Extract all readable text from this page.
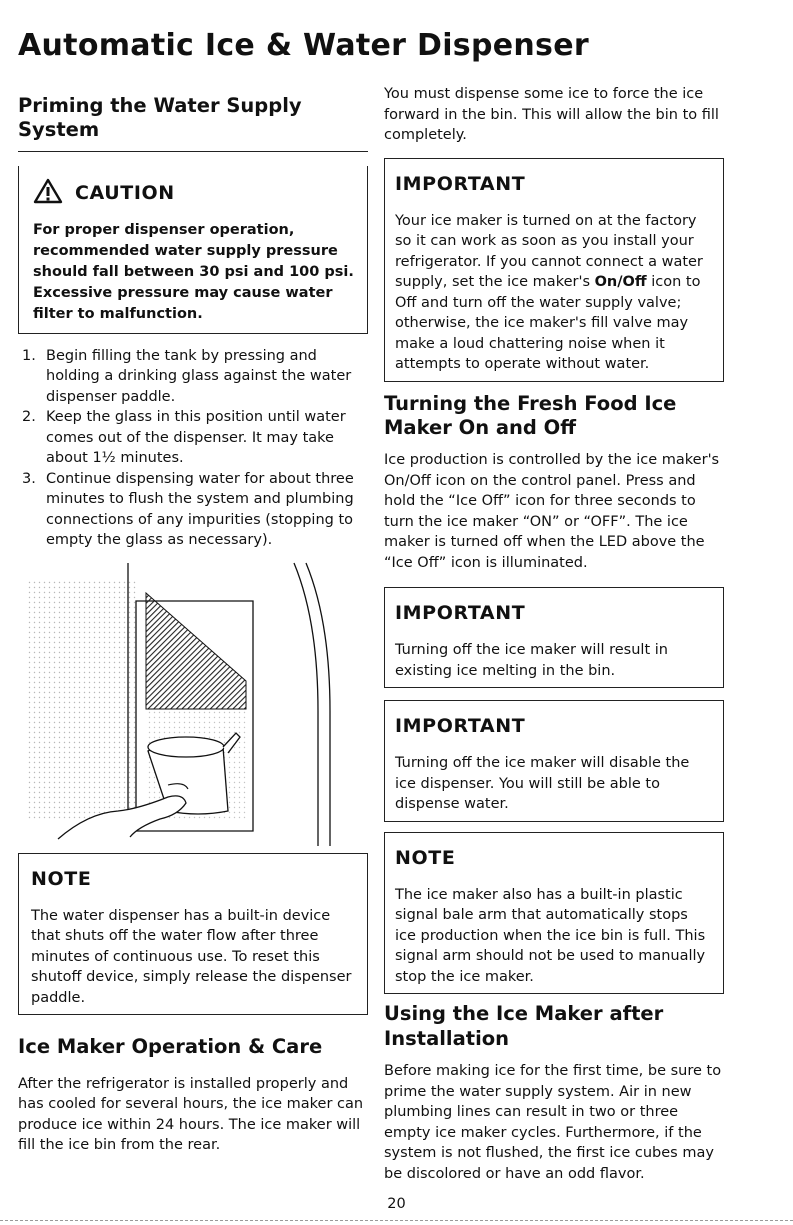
Automatic Ice & Water Dispenser
Priming the Water Supply System
CAUTION

For proper dispenser operation, recommended water supply pressure should fall between 30 psi and 100 psi. Excessive pressure may cause water filter to malfunction.

1. Begin filling the tank by pressing and holding a drinking glass against the water dispenser paddle.
2. Keep the glass in this position until water comes out of the dispenser. It may take about 1½ minutes.
3. Continue dispensing water for about three minutes to flush the system and plumbing connections of any impurities (stopping to empty the glass as necessary).
NOTE

The water dispenser has a built-in device that shuts off the water flow after three minutes of continuous use. To reset this shutoff device, simply release the dispenser paddle.

Ice Maker Operation & Care

After the refrigerator is installed properly and has cooled for several hours, the ice maker can produce ice within 24 hours. The ice maker will fill the ice bin from the rear.

You must dispense some ice to force the ice forward in the bin. This will allow the bin to fill completely.

IMPORTANT

Your ice maker is turned on at the factory so it can work as soon as you install your refrigerator. If you cannot connect a water supply, set the ice maker's On/Off icon to Off and turn off the water supply valve; otherwise, the ice maker's fill valve may make a loud chattering noise when it attempts to operate without water.

Turning the Fresh Food Ice Maker On and Off

Ice production is controlled by the ice maker's On/Off icon on the control panel. Press and hold the “Ice Off” icon for three seconds to turn the ice maker “ON” or “OFF”. The ice maker is turned off when the LED above the “Ice Off” icon is illuminated.

IMPORTANT

Turning off the ice maker will result in existing ice melting in the bin.

IMPORTANT

Turning off the ice maker will disable the ice dispenser. You will still be able to dispense water.

NOTE

The ice maker also has a built-in plastic signal bale arm that automatically stops ice production when the ice bin is full. This signal arm should not be used to manually stop the ice maker.

Using the Ice Maker after Installation

Before making ice for the first time, be sure to prime the water supply system. Air in new plumbing lines can result in two or three empty ice maker cycles. Furthermore, if the system is not flushed, the first ice cubes may be discolored or have an odd flavor.

20
